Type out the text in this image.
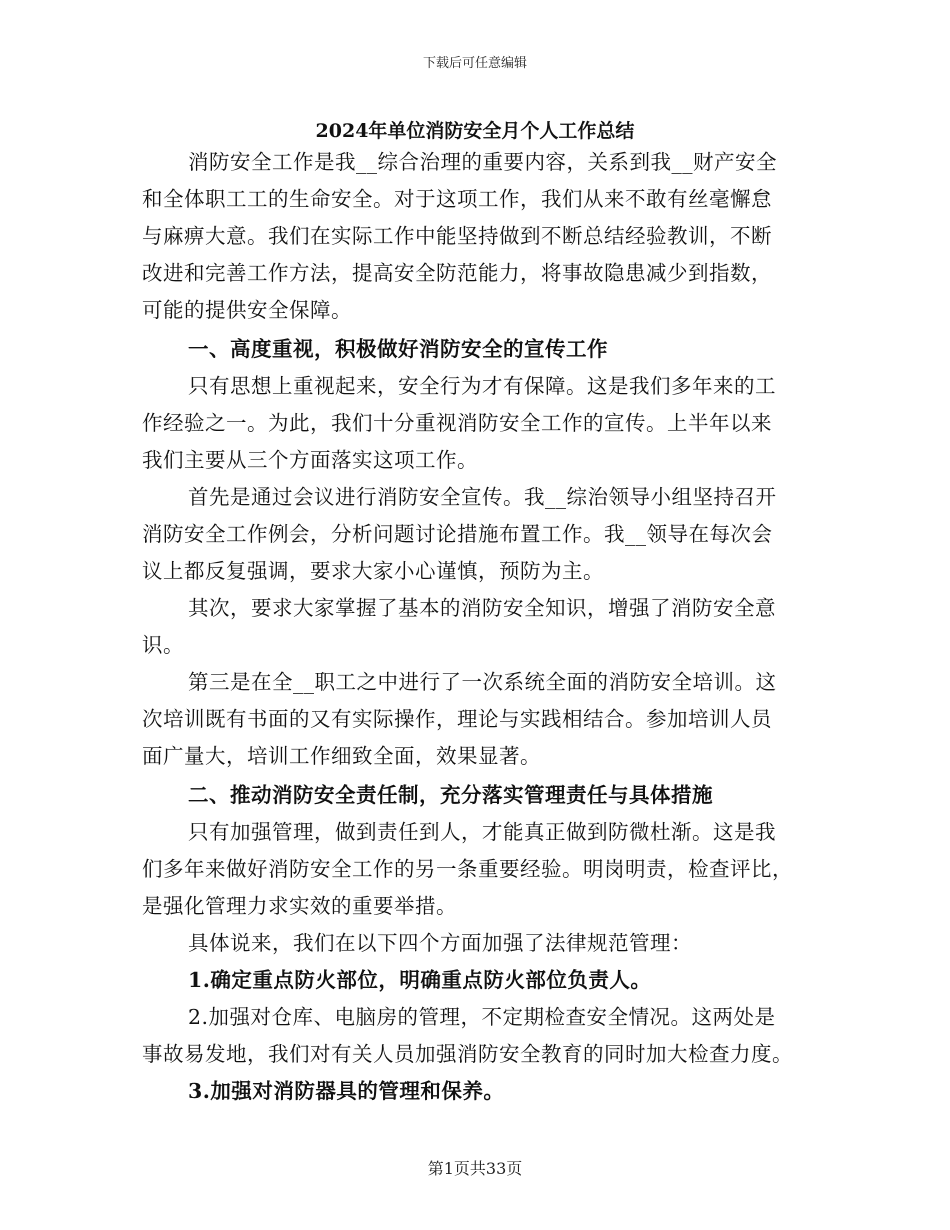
下载后可任意编辑
2024年单位消防安全月个人工作总结
消防安全工作是我__综合治理的重要内容，关系到我__财产安全
和全体职工工的生命安全。对于这项工作，我们从来不敢有丝毫懈怠
与麻痹大意。我们在实际工作中能坚持做到不断总结经验教训，不断
改进和完善工作方法，提高安全防范能力，将事故隐患减少到指数，
可能的提供安全保障。
一、高度重视，积极做好消防安全的宣传工作
只有思想上重视起来，安全行为才有保障。这是我们多年来的工
作经验之一。为此，我们十分重视消防安全工作的宣传。上半年以来
我们主要从三个方面落实这项工作。
首先是通过会议进行消防安全宣传。我__综治领导小组坚持召开
消防安全工作例会，分析问题讨论措施布置工作。我__领导在每次会
议上都反复强调，要求大家小心谨慎，预防为主。
其次，要求大家掌握了基本的消防安全知识，增强了消防安全意
识。
第三是在全__职工之中进行了一次系统全面的消防安全培训。这
次培训既有书面的又有实际操作，理论与实践相结合。参加培训人员
面广量大，培训工作细致全面，效果显著。
二、推动消防安全责任制，充分落实管理责任与具体措施
只有加强管理，做到责任到人，才能真正做到防微杜渐。这是我
们多年来做好消防安全工作的另一条重要经验。明岗明责，检查评比，
是强化管理力求实效的重要举措。
具体说来，我们在以下四个方面加强了法律规范管理：
1.确定重点防火部位，明确重点防火部位负责人。
2.加强对仓库、电脑房的管理，不定期检查安全情况。这两处是
事故易发地，我们对有关人员加强消防安全教育的同时加大检查力度。
3.加强对消防器具的管理和保养。
第1页共33页
